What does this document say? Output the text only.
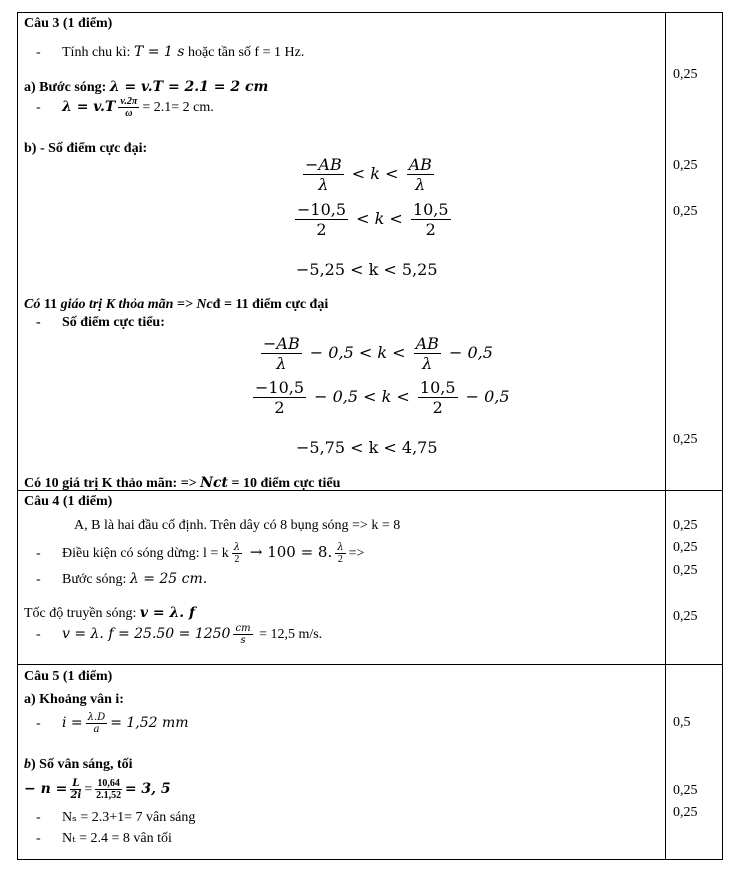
Câu 3 (1 điểm)
- Tính chu kì: T = 1 s hoặc tần số f = 1 Hz.
a) Bước sóng: λ = v.T = 2.1 = 2 cm
- $\lambda = v.T \frac{v.2\pi}{\omega} = 2.1= 2$ cm.
b) - Số điểm cực đại:
$\frac{-AB}{\lambda} < k < \frac{AB}{\lambda}$
$\frac{-10,5}{2} < k < \frac{10,5}{2}$
−5,25 < k < 5,25
Có 11 giáo trị K thỏa mãn => Ncđ = 11 điểm cực đại
- Số điểm cực tiểu:
$\frac{-AB}{\lambda} - 0,5 < k < \frac{AB}{\lambda} - 0,5$
$\frac{-10,5}{2} - 0,5 < k < \frac{10,5}{2} - 0,5$
−5,75 < k < 4,75
Có 10 giá trị K thảo mãn: => Nct = 10 điểm cực tiểu
0,25
0,25
0,25
0,25
Câu 4 (1 điểm)
A, B là hai đầu cố định. Trên dây có 8 bụng sóng => k = 8
- Điều kiện có sóng dừng: l = k $\frac{\lambda}{2} \to 100 = 8$. $\frac{\lambda}{2}$ =>
- Bước sóng: λ = 25 cm.
Tốc độ truyền sóng: v = λ. f
- v = λ. $f = 25.50 = 1250 \frac{cm}{s} = 12,5$ m/s.
0,25
0,25
0,25
0,25
Câu 5 (1 điểm)
a) Khoảng vân i:
- $i = \frac{\lambda.D}{a} = 1,52$ mm
b) Số vân sáng, tối
− $n = \frac{L}{2i} = \frac{10,64}{2.1,52} = 3$, 5
- Nₛ = 2.3+1= 7 vân sáng
- Nₜ = 2.4 = 8 vân tối
0,5
0,25
0,25
